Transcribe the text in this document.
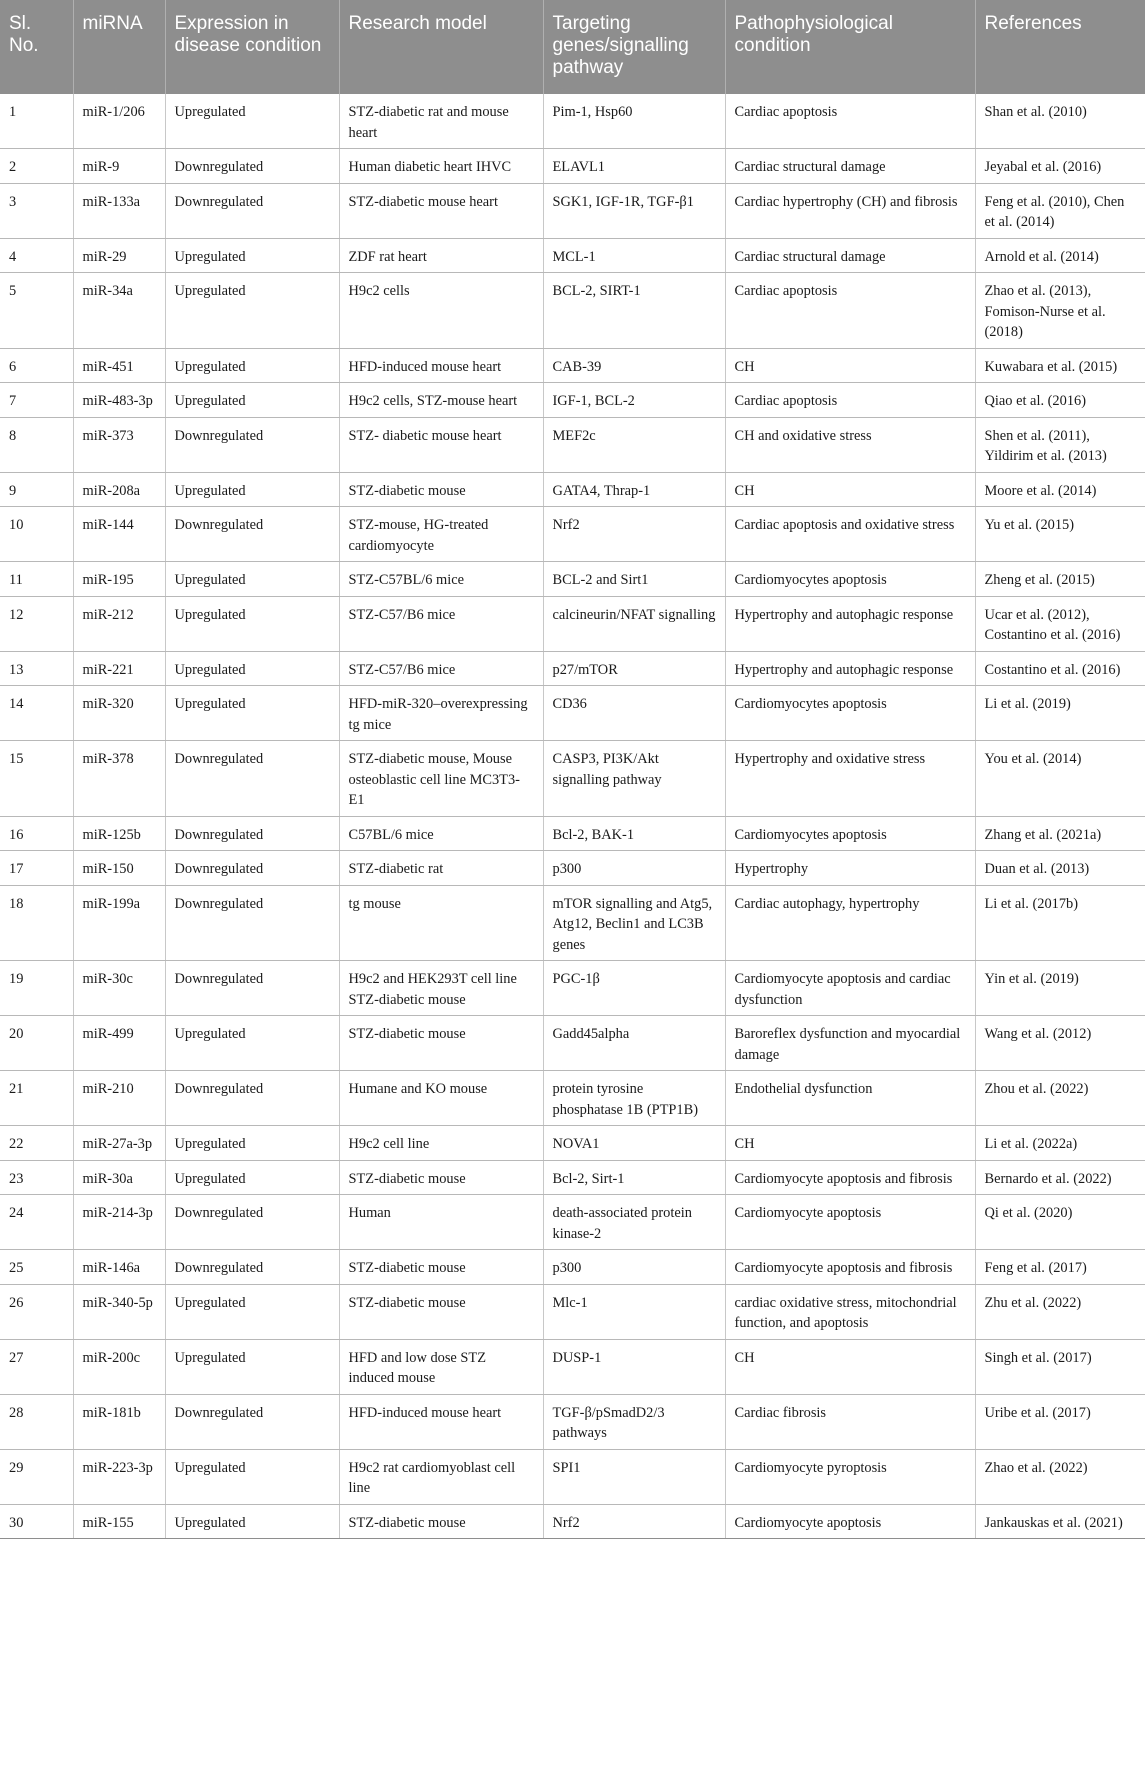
Sl. No.	miRNA	Expression in disease condition	Research model	Targeting genes/signalling pathway	Pathophysiological condition	References
1	miR-1/206	Upregulated	STZ-diabetic rat and mouse heart	Pim-1, Hsp60	Cardiac apoptosis	Shan et al. (2010)
2	miR-9	Downregulated	Human diabetic heart IHVC	ELAVL1	Cardiac structural damage	Jeyabal et al. (2016)
3	miR-133a	Downregulated	STZ-diabetic mouse heart	SGK1, IGF-1R, TGF-β1	Cardiac hypertrophy (CH) and fibrosis	Feng et al. (2010), Chen et al. (2014)
4	miR-29	Upregulated	ZDF rat heart	MCL-1	Cardiac structural damage	Arnold et al. (2014)
5	miR-34a	Upregulated	H9c2 cells	BCL-2, SIRT-1	Cardiac apoptosis	Zhao et al. (2013), Fomison-Nurse et al. (2018)
6	miR-451	Upregulated	HFD-induced mouse heart	CAB-39	CH	Kuwabara et al. (2015)
7	miR-483-3p	Upregulated	H9c2 cells, STZ-mouse heart	IGF-1, BCL-2	Cardiac apoptosis	Qiao et al. (2016)
8	miR-373	Downregulated	STZ- diabetic mouse heart	MEF2c	CH and oxidative stress	Shen et al. (2011), Yildirim et al. (2013)
9	miR-208a	Upregulated	STZ-diabetic mouse	GATA4, Thrap-1	CH	Moore et al. (2014)
10	miR-144	Downregulated	STZ-mouse, HG-treated cardiomyocyte	Nrf2	Cardiac apoptosis and oxidative stress	Yu et al. (2015)
11	miR-195	Upregulated	STZ-C57BL/6 mice	BCL-2 and Sirt1	Cardiomyocytes apoptosis	Zheng et al. (2015)
12	miR-212	Upregulated	STZ-C57/B6 mice	calcineurin/NFAT signalling	Hypertrophy and autophagic response	Ucar et al. (2012), Costantino et al. (2016)
13	miR-221	Upregulated	STZ-C57/B6 mice	p27/mTOR	Hypertrophy and autophagic response	Costantino et al. (2016)
14	miR-320	Upregulated	HFD-miR-320–overexpressing tg mice	CD36	Cardiomyocytes apoptosis	Li et al. (2019)
15	miR-378	Downregulated	STZ-diabetic mouse, Mouse osteoblastic cell line MC3T3-E1	CASP3, PI3K/Akt signalling pathway	Hypertrophy and oxidative stress	You et al. (2014)
16	miR-125b	Downregulated	C57BL/6 mice	Bcl-2, BAK-1	Cardiomyocytes apoptosis	Zhang et al. (2021a)
17	miR-150	Downregulated	STZ-diabetic rat	p300	Hypertrophy	Duan et al. (2013)
18	miR-199a	Downregulated	tg mouse	mTOR signalling and Atg5, Atg12, Beclin1 and LC3B genes	Cardiac autophagy, hypertrophy	Li et al. (2017b)
19	miR-30c	Downregulated	H9c2 and HEK293T cell line STZ-diabetic mouse	PGC-1β	Cardiomyocyte apoptosis and cardiac dysfunction	Yin et al. (2019)
20	miR-499	Upregulated	STZ-diabetic mouse	Gadd45alpha	Baroreflex dysfunction and myocardial damage	Wang et al. (2012)
21	miR-210	Downregulated	Humane and KO mouse	protein tyrosine phosphatase 1B (PTP1B)	Endothelial dysfunction	Zhou et al. (2022)
22	miR-27a-3p	Upregulated	H9c2 cell line	NOVA1	CH	Li et al. (2022a)
23	miR-30a	Upregulated	STZ-diabetic mouse	Bcl-2, Sirt-1	Cardiomyocyte apoptosis and fibrosis	Bernardo et al. (2022)
24	miR-214-3p	Downregulated	Human	death-associated protein kinase-2	Cardiomyocyte apoptosis	Qi et al. (2020)
25	miR-146a	Downregulated	STZ-diabetic mouse	p300	Cardiomyocyte apoptosis and fibrosis	Feng et al. (2017)
26	miR-340-5p	Upregulated	STZ-diabetic mouse	Mlc-1	cardiac oxidative stress, mitochondrial function, and apoptosis	Zhu et al. (2022)
27	miR-200c	Upregulated	HFD and low dose STZ induced mouse	DUSP-1	CH	Singh et al. (2017)
28	miR-181b	Downregulated	HFD-induced mouse heart	TGF-β/pSmadD2/3 pathways	Cardiac fibrosis	Uribe et al. (2017)
29	miR-223-3p	Upregulated	H9c2 rat cardiomyoblast cell line	SPI1	Cardiomyocyte pyroptosis	Zhao et al. (2022)
30	miR-155	Upregulated	STZ-diabetic mouse	Nrf2	Cardiomyocyte apoptosis	Jankauskas et al. (2021)
